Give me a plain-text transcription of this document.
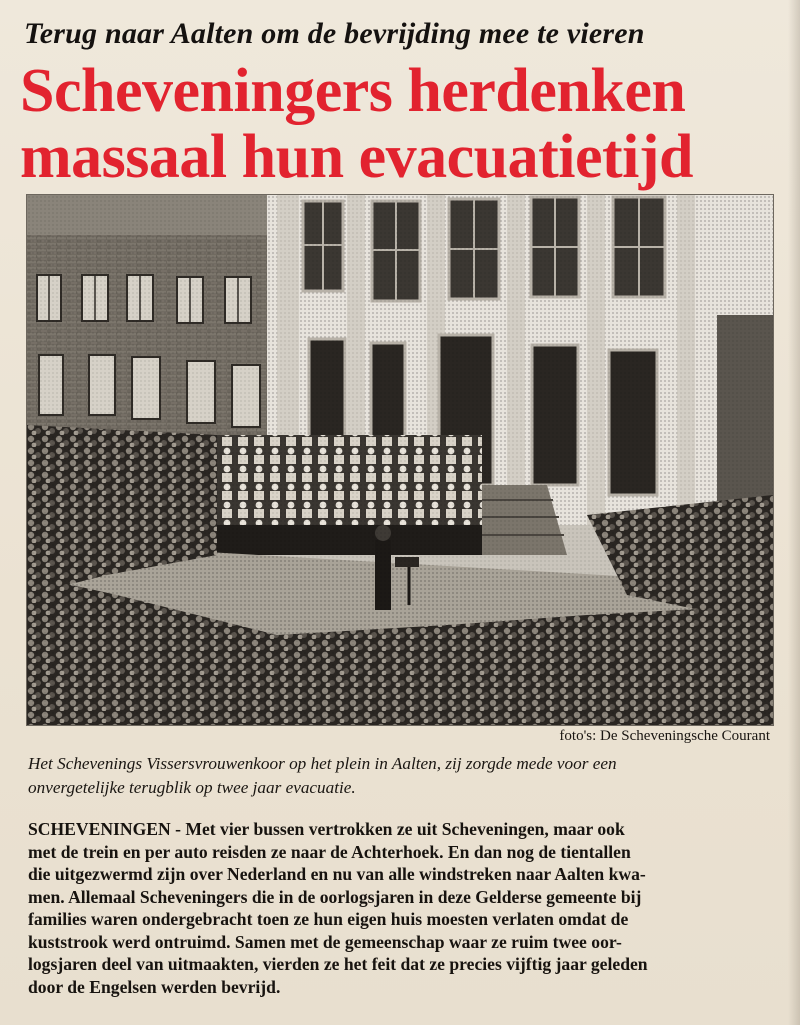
Terug naar Aalten om de bevrijding mee te vieren
Scheveningers herdenken
massaal hun evacuatietijd
foto's: De Scheveningsche Courant
Het Schevenings Vissersvrouwenkoor op het plein in Aalten, zij zorgde mede voor een
onvergetelijke terugblik op twee jaar evacuatie.
SCHEVENINGEN - Met vier bussen vertrokken ze uit Scheveningen, maar ook
met de trein en per auto reisden ze naar de Achterhoek. En dan nog de tientallen
die uitgezwermd zijn over Nederland en nu van alle windstreken naar Aalten kwa-
men. Allemaal Scheveningers die in de oorlogsjaren in deze Gelderse gemeente bij
families waren ondergebracht toen ze hun eigen huis moesten verlaten omdat de
kuststrook werd ontruimd. Samen met de gemeenschap waar ze ruim twee oor-
logsjaren deel van uitmaakten, vierden ze het feit dat ze precies vijftig jaar geleden
door de Engelsen werden bevrijd.
